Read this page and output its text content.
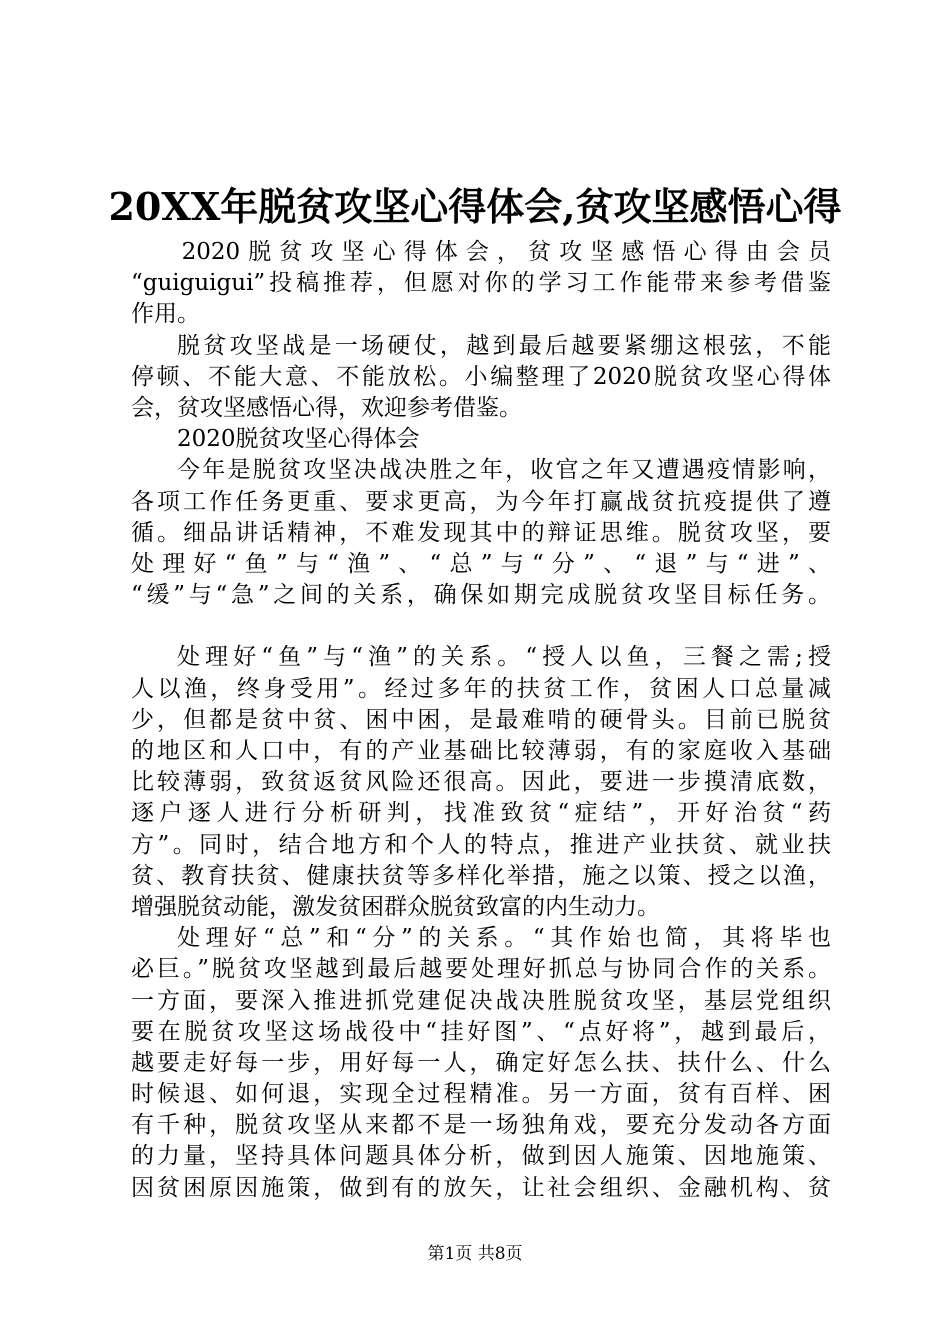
20XX年脱贫攻坚心得体会,贫攻坚感悟心得
2020脱贫攻坚心得体会，贫攻坚感悟心得由会员
“guiguigui”投稿推荐，但愿对你的学习工作能带来参考借鉴
作用。
脱贫攻坚战是一场硬仗，越到最后越要紧绷这根弦，不能
停顿、不能大意、不能放松。小编整理了2020脱贫攻坚心得体
会，贫攻坚感悟心得，欢迎参考借鉴。
2020脱贫攻坚心得体会
今年是脱贫攻坚决战决胜之年，收官之年又遭遇疫情影响，
各项工作任务更重、要求更高，为今年打赢战贫抗疫提供了遵
循。细品讲话精神，不难发现其中的辩证思维。脱贫攻坚，要
处理好“鱼”与“渔”、“总”与“分”、“退”与“进”、
“缓”与“急”之间的关系，确保如期完成脱贫攻坚目标任务。
处理好“鱼”与“渔”的关系。“授人以鱼，三餐之需;授
人以渔，终身受用”。经过多年的扶贫工作，贫困人口总量减
少，但都是贫中贫、困中困，是最难啃的硬骨头。目前已脱贫
的地区和人口中，有的产业基础比较薄弱，有的家庭收入基础
比较薄弱，致贫返贫风险还很高。因此，要进一步摸清底数，
逐户逐人进行分析研判，找准致贫“症结”，开好治贫“药
方”。同时，结合地方和个人的特点，推进产业扶贫、就业扶
贫、教育扶贫、健康扶贫等多样化举措，施之以策、授之以渔，
增强脱贫动能，激发贫困群众脱贫致富的内生动力。
处理好“总”和“分”的关系。“其作始也简，其将毕也
必巨。”脱贫攻坚越到最后越要处理好抓总与协同合作的关系。
一方面，要深入推进抓党建促决战决胜脱贫攻坚，基层党组织
要在脱贫攻坚这场战役中“挂好图”、“点好将”，越到最后，
越要走好每一步，用好每一人，确定好怎么扶、扶什么、什么
时候退、如何退，实现全过程精准。另一方面，贫有百样、困
有千种，脱贫攻坚从来都不是一场独角戏，要充分发动各方面
的力量，坚持具体问题具体分析，做到因人施策、因地施策、
因贫困原因施策，做到有的放矢，让社会组织、金融机构、贫
第1页 共8页
